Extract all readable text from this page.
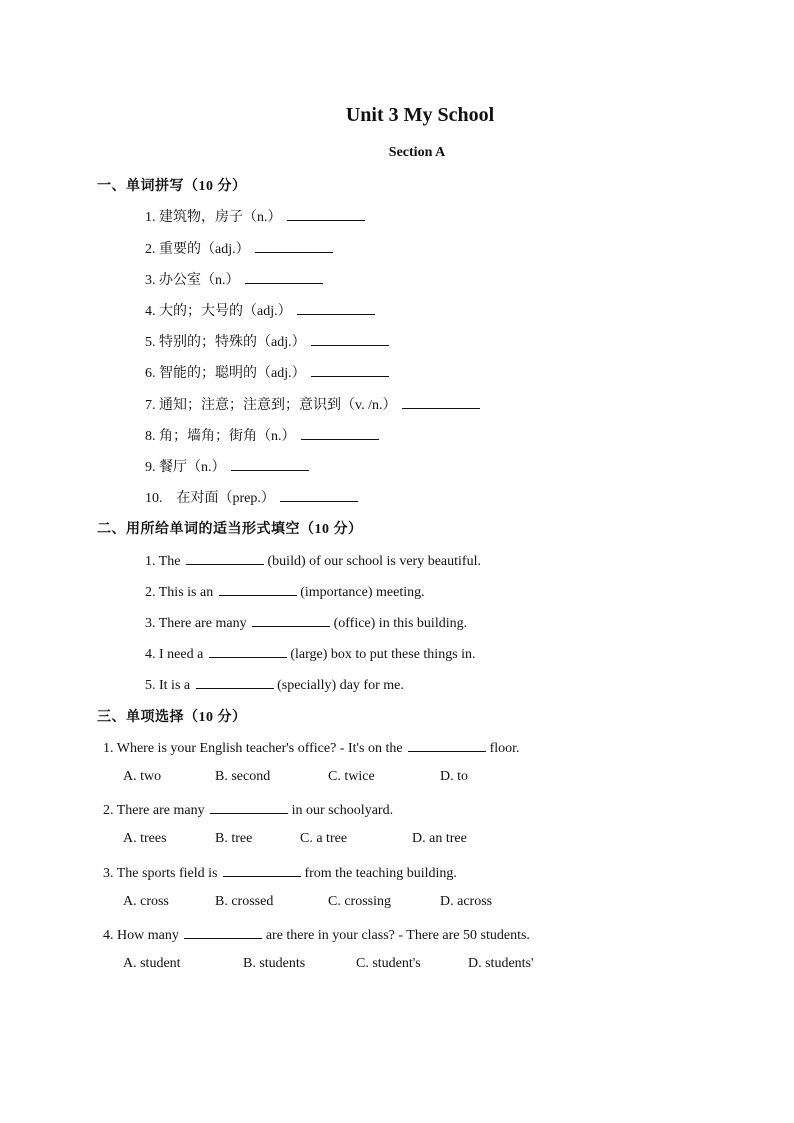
Unit 3 My School
Section A
一、单词拼写（10 分）
1. 建筑物，房子（n.）
2. 重要的（adj.）
3. 办公室（n.）
4. 大的；大号的（adj.）
5. 特别的；特殊的（adj.）
6. 智能的；聪明的（adj.）
7. 通知；注意；注意到；意识到（v. /n.）
8. 角；墙角；街角（n.）
9. 餐厅（n.）
10.    在对面（prep.）
二、用所给单词的适当形式填空（10 分）
1. The	(build) of our school is very beautiful.
2. This is an	(importance) meeting.
3. There are many	(office) in this building.
4. I need a	(large) box to put these things in.
5. It is a	(specially) day for me.
三、单项选择（10 分）
1. Where is your English teacher's office? - It's on the	floor.
A. two	B. second	C. twice	D. to
2. There are many	in our schoolyard.
A. trees	B. tree	C. a tree	D. an tree
3. The sports field is	from the teaching building.
A. cross	B. crossed	C. crossing	D. across
4. How many	are there in your class? - There are 50 students.
A. student	B. students	C. student's	D. students'
